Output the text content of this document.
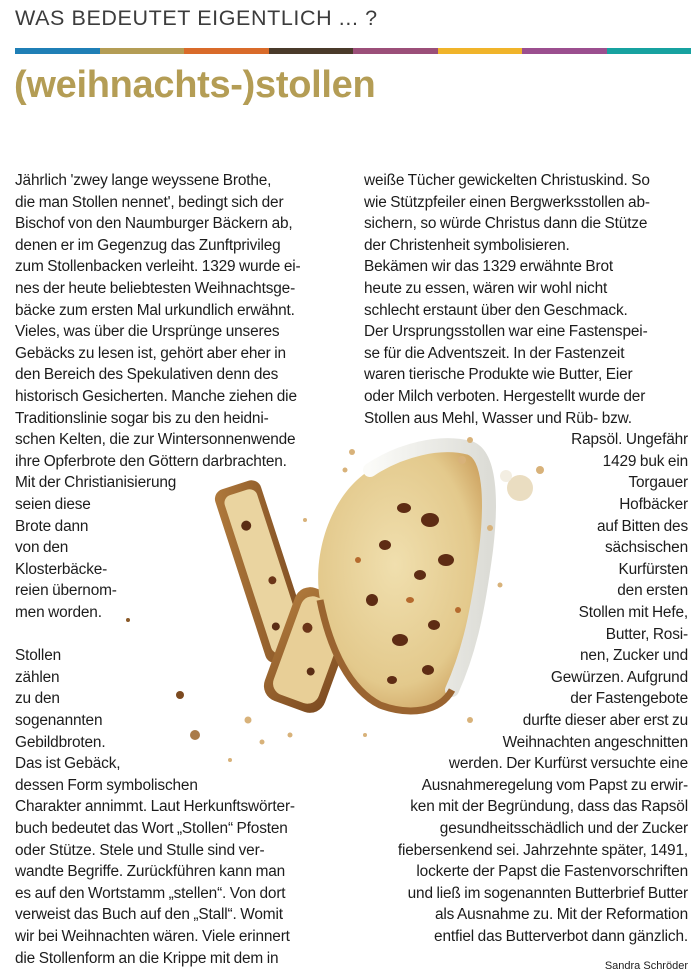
WAS BEDEUTET EIGENTLICH ... ?
(weihnachts-)stollen
Jährlich 'zwey lange weyssene Brothe,
die man Stollen nennet', bedingt sich der
Bischof von den Naumburger Bäckern ab,
denen er im Gegenzug das Zunftprivileg
zum Stollenbacken verleiht. 1329 wurde ei-
nes der heute beliebtesten Weihnachtsge-
bäcke zum ersten Mal urkundlich erwähnt.
Vieles, was über die Ursprünge unseres
Gebäcks zu lesen ist, gehört aber eher in
den Bereich des Spekulativen denn des
historisch Gesicherten. Manche ziehen die
Traditionslinie sogar bis zu den heidni-
schen Kelten, die zur Wintersonnenwende
ihre Opferbrote den Göttern darbrachten.
Mit der Christianisierung
seien diese
Brote dann
von den
Klosterbäcke-
reien übernom-
men worden.
Stollen
zählen
zu den
sogenannten
Gebildbroten.
Das ist Gebäck,
dessen Form symbolischen
Charakter annimmt. Laut Herkunftswörter-
buch bedeutet das Wort „Stollen“ Pfosten
oder Stütze. Stele und Stulle sind ver-
wandte Begriffe. Zurückführen kann man
es auf den Wortstamm „stellen“. Von dort
verweist das Buch auf den „Stall“. Womit
wir bei Weihnachten wären. Viele erinnert
die Stollenform an die Krippe mit dem in
weiße Tücher gewickelten Christuskind. So
wie Stützpfeiler einen Bergwerksstollen ab-
sichern, so würde Christus dann die Stütze
der Christenheit symbolisieren.
Bekämen wir das 1329 erwähnte Brot
heute zu essen, wären wir wohl nicht
schlecht erstaunt über den Geschmack.
Der Ursprungsstollen war eine Fastenspei-
se für die Adventszeit. In der Fastenzeit
waren tierische Produkte wie Butter, Eier
oder Milch verboten. Hergestellt wurde der
Stollen aus Mehl, Wasser und Rüb- bzw.
Rapsöl. Ungefähr
1429 buk ein
Torgauer
Hofbäcker
auf Bitten des
sächsischen
Kurfürsten
den ersten
Stollen mit Hefe,
Butter, Rosi-
nen, Zucker und
Gewürzen. Aufgrund
der Fastengebote
durfte dieser aber erst zu
Weihnachten angeschnitten
werden. Der Kurfürst versuchte eine
Ausnahmeregelung vom Papst zu erwir-
ken mit der Begründung, dass das Rapsöl
gesundheitsschädlich und der Zucker
fiebersenkend sei. Jahrzehnte später, 1491,
lockerte der Papst die Fastenvorschriften
und ließ im sogenannten Butterbrief Butter
als Ausnahme zu. Mit der Reformation
entfiel das Butterverbot dann gänzlich.
Sandra Schröder
